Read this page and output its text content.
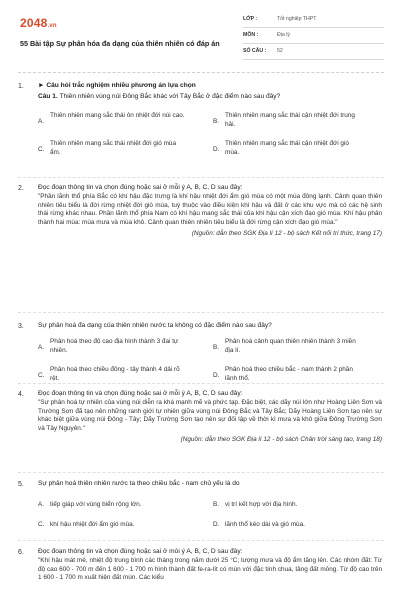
2048.vn
55 Bài tập Sự phân hóa đa dạng của thiên nhiên có đáp án
LỚP :	Tốt nghiệp THPT
MÔN :	Địa lý
SỐ CÂU : 52
1. ► Câu hỏi trắc nghiệm nhiều phương án lựa chọn
Câu 1. Thiên nhiên vùng núi Đông Bắc khác với Tây Bắc ở đặc điểm nào sau đây?
A.
Thiên nhiên mang sắc thái ôn nhiệt đới núi cao.
B.
Thiên nhiên mang sắc thái cận nhiệt đới trung hải.
C.
Thiên nhiên mang sắc thái nhiệt đới gió mùa ẩm.	D.
Thiên nhiên mang sắc thái cận nhiệt đới gió mùa.
2. Đọc đoạn thông tin và chọn đúng hoặc sai ở mỗi ý A, B, C, D sau đây:
"Phần lãnh thổ phía Bắc có khí hậu đặc trưng là khí hậu nhiệt đới ẩm gió mùa có một mùa đông lạnh. Cảnh quan thiên nhiên tiêu biểu là đới rừng nhiệt đới gió mùa, tuỳ thuộc vào điều kiện khí hậu và đất ở các khu vực mà có các hệ sinh thái rừng khác nhau. Phần lãnh thổ phía Nam có khí hậu mang sắc thái của khí hậu cận xích đạo gió mùa. Khí hậu phân thành hai mùa: mùa mưa và mùa khô. Cảnh quan thiên nhiên tiêu biểu là đới rừng cận xích đạo gió mùa."
(Nguồn: dẫn theo SGK Địa lí 12 - bộ sách Kết nối tri thức, trang 17)
3. Sự phân hoá đa dạng của thiên nhiên nước ta không có đặc điểm nào sau đây?
A.
Phân hoá theo độ cao địa hình thành 3 đai tự nhiên.	B.
Phân hoá cảnh quan thiên nhiên thành 3 miền địa lí.
C.
Phân hoá theo chiều đông - tây thành 4 dải rõ rệt.	D.
Phân hoá theo chiều bắc - nam thành 2 phần lãnh thổ.
4. Đọc đoạn thông tin và chọn đúng hoặc sai ở mỗi ý A, B, C, D sau đây:
"Sự phân hoá tự nhiên của vùng núi diễn ra khá mạnh mẽ và phức tạp. Đặc biệt, các dãy núi lớn như Hoàng Liên Sơn và Trường Sơn đã tạo nên những ranh giới tự nhiên giữa vùng núi Đông Bắc và Tây Bắc; Dãy Hoàng Liên Sơn tạo nên sự khác biệt giữa vùng núi Đông - Tây; Dãy Trường Sơn tạo nên sự đối lập về thời kì mưa và khô giữa Đông Trường Sơn và Tây Nguyên."
(Nguồn: dẫn theo SGK Địa lí 12 - bộ sách Chân trời sáng tạo, trang 18)
5. Sự phân hoá thiên nhiên nước ta theo chiều bắc - nam chủ yếu là do
A. tiếp giáp với vùng biển rộng lớn.	B. vị trí kết hợp với địa hình.
C. khí hậu nhiệt đới ẩm gió mùa.	D. lãnh thổ kéo dài và gió mùa.
6. Đọc đoạn thông tin và chọn đúng hoặc sai ở mỗi ý A, B, C, D sau đây:
"Khí hậu mát mẻ, nhiệt độ trung bình các tháng trong năm dưới 25 °C; lượng mưa và độ ẩm tăng lên. Các nhóm đất: Từ độ cao 600 - 700 m đến 1 600 - 1 700 m hình thành đất fe-ra-lít có mùn với đặc tính chua, tầng đất mỏng. Từ độ cao trên 1 600 - 1 700 m xuất hiện đất mùn. Các kiểu
